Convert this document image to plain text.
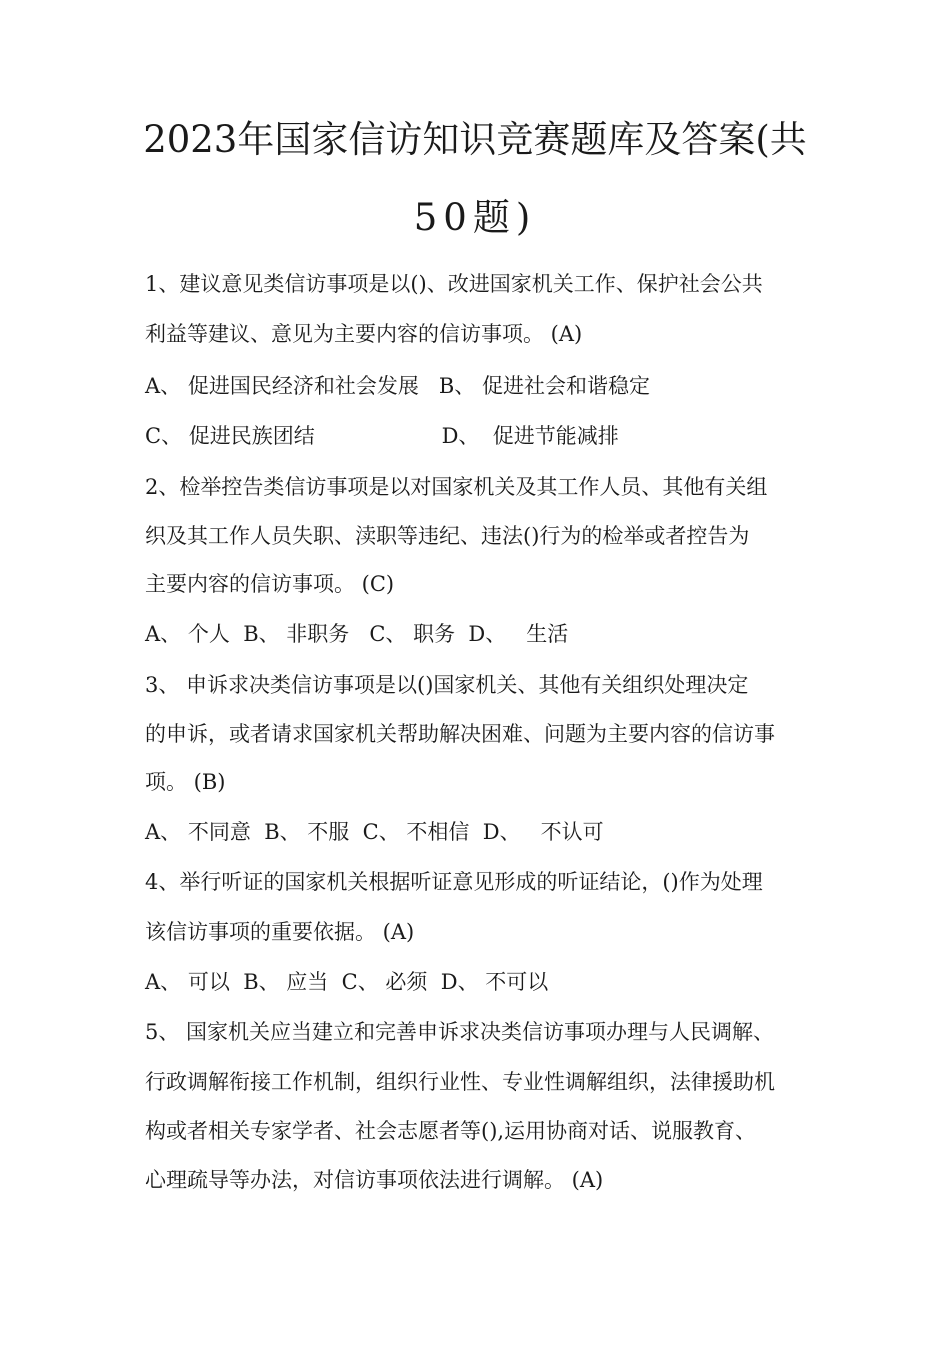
2023年国家信访知识竞赛题库及答案(共
50题)
1、建议意见类信访事项是以()、改进国家机关工作、保护社会公共
利益等建议、意见为主要内容的信访事项。 (A)
A、 促进国民经济和社会发展   B、 促进社会和谐稳定
C、 促进民族团结                   D、  促进节能减排
2、检举控告类信访事项是以对国家机关及其工作人员、其他有关组
织及其工作人员失职、渎职等违纪、违法()行为的检举或者控告为
主要内容的信访事项。 (C)
A、 个人  B、 非职务   C、 职务  D、   生活
3、 申诉求决类信访事项是以()国家机关、其他有关组织处理决定
的申诉，或者请求国家机关帮助解决困难、问题为主要内容的信访事
项。 (B)
A、 不同意  B、 不服  C、 不相信  D、   不认可
4、举行听证的国家机关根据听证意见形成的听证结论，()作为处理
该信访事项的重要依据。 (A)
A、 可以  B、 应当  C、 必须  D、 不可以
5、 国家机关应当建立和完善申诉求决类信访事项办理与人民调解、
行政调解衔接工作机制，组织行业性、专业性调解组织，法律援助机
构或者相关专家学者、社会志愿者等(),运用协商对话、说服教育、
心理疏导等办法，对信访事项依法进行调解。 (A)
